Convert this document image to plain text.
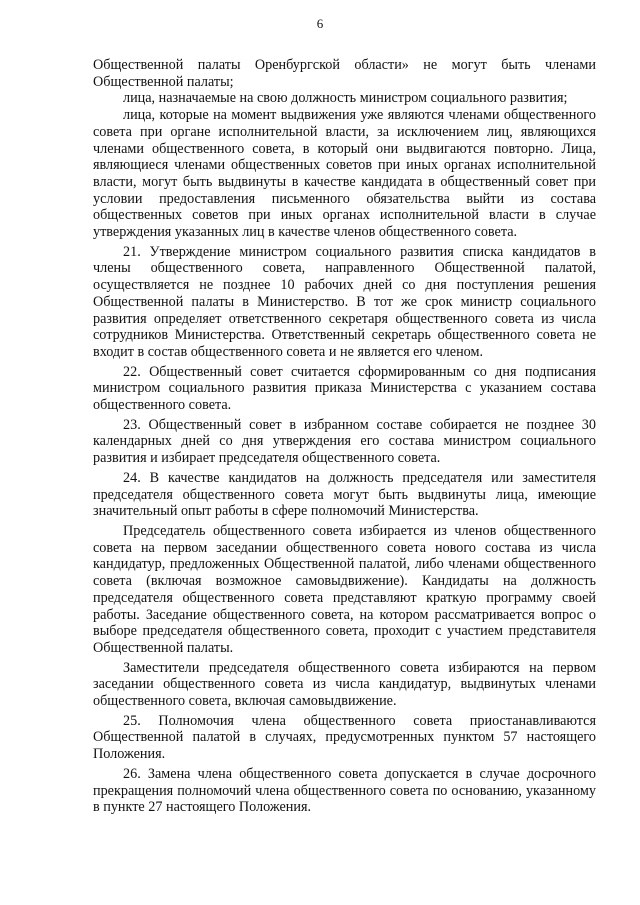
6

Общественной палаты Оренбургской области» не могут быть членами Общественной палаты;

лица, назначаемые на свою должность министром социального развития;

лица, которые на момент выдвижения уже являются членами общественного совета при органе исполнительной власти, за исключением лиц, являющихся членами общественного совета, в который они выдвигаются повторно. Лица, являющиеся членами общественных советов при иных органах исполнительной власти, могут быть выдвинуты в качестве кандидата в общественный совет при условии предоставления письменного обязательства выйти из состава общественных советов при иных органах исполнительной власти в случае утверждения указанных лиц в качестве членов общественного совета.

21. Утверждение министром социального развития списка кандидатов в члены общественного совета, направленного Общественной палатой, осуществляется не позднее 10 рабочих дней со дня поступления решения Общественной палаты в Министерство. В тот же срок министр социального развития определяет ответственного секретаря общественного совета из числа сотрудников Министерства. Ответственный секретарь общественного совета не входит в состав общественного совета и не является его членом.

22. Общественный совет считается сформированным со дня подписания министром социального развития приказа Министерства с указанием состава общественного совета.

23. Общественный совет в избранном составе собирается не позднее 30 календарных дней со дня утверждения его состава министром социального развития и избирает председателя общественного совета.

24. В качестве кандидатов на должность председателя или заместителя председателя общественного совета могут быть выдвинуты лица, имеющие значительный опыт работы в сфере полномочий Министерства.

Председатель общественного совета избирается из членов общественного совета на первом заседании общественного совета нового состава из числа кандидатур, предложенных Общественной палатой, либо членами общественного совета (включая возможное самовыдвижение). Кандидаты на должность председателя общественного совета представляют краткую программу своей работы. Заседание общественного совета, на котором рассматривается вопрос о выборе председателя общественного совета, проходит с участием представителя Общественной палаты.

Заместители председателя общественного совета избираются на первом заседании общественного совета из числа кандидатур, выдвинутых членами общественного совета, включая самовыдвижение.

25. Полномочия члена общественного совета приостанавливаются Общественной палатой в случаях, предусмотренных пунктом 57 настоящего Положения.

26. Замена члена общественного совета допускается в случае досрочного прекращения полномочий члена общественного совета по основанию, указанному в пункте 27 настоящего Положения.
